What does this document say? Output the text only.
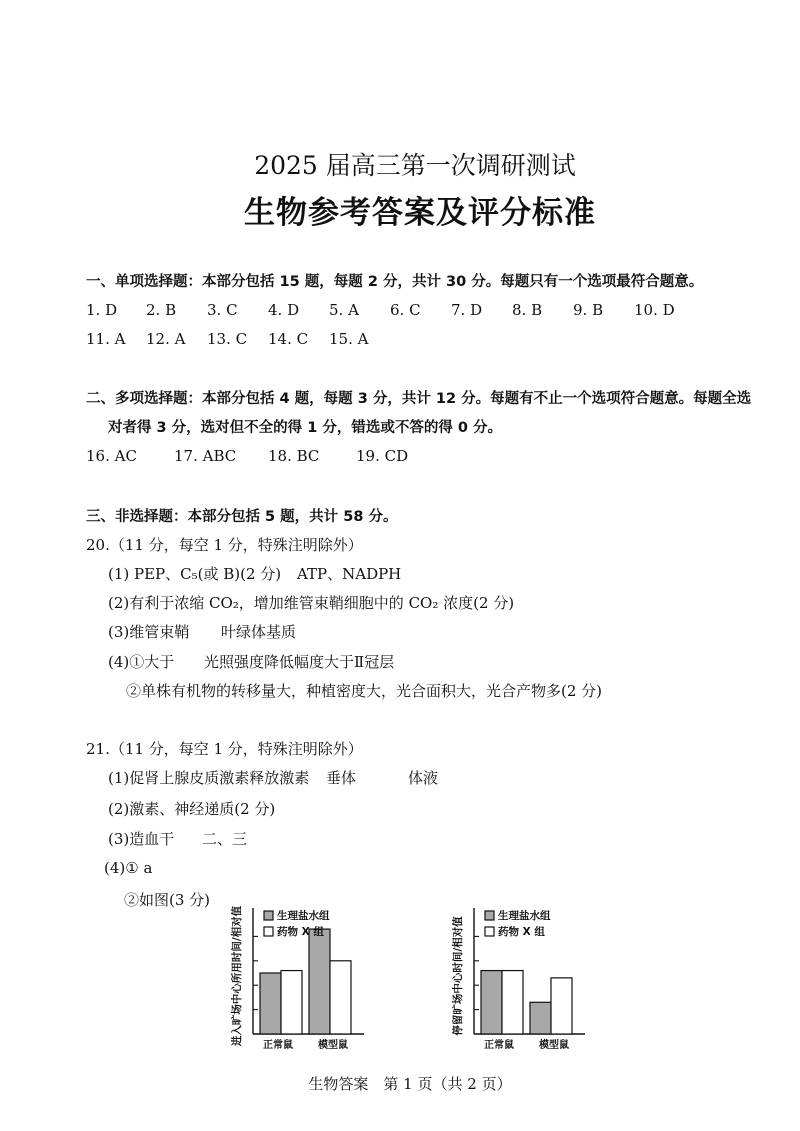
2025 届高三第一次调研测试
生物参考答案及评分标准
一、单项选择题：本部分包括 15 题，每题 2 分，共计 30 分。每题只有一个选项最符合题意。
1. D 2. B 3. C 4. D 5. A 6. C 7. D 8. B 9. B 10. D
11. A 12. A 13. C 14. C 15. A
二、多项选择题：本部分包括 4 题，每题 3 分，共计 12 分。每题有不止一个选项符合题意。每题全选
对者得 3 分，选对但不全的得 1 分，错选或不答的得 0 分。
16. AC 17. ABC 18. BC 19. CD
三、非选择题：本部分包括 5 题，共计 58 分。
20.（11 分，每空 1 分，特殊注明除外）
(1) PEP、C₅(或 B)(2 分) ATP、NADPH
(2)有利于浓缩 CO₂，增加维管束鞘细胞中的 CO₂ 浓度(2 分)
(3)维管束鞘 叶绿体基质
(4)①大于 光照强度降低幅度大于Ⅱ冠层
②单株有机物的转移量大，种植密度大，光合面积大，光合产物多(2 分)
21.（11 分，每空 1 分，特殊注明除外）
(1)促肾上腺皮质激素释放激素 垂体	体液
(2)激素、神经递质(2 分)
(3)造血干 二、三
(4)① a
②如图(3 分)
进入旷场中心所用时间/相对值	生理盐水组
药物 X 组
正常鼠	模型鼠
停留旷场中心时间/相对值
生理盐水组
药物 X 组
正常鼠	模型鼠
生物答案　第 1 页（共 2 页）
